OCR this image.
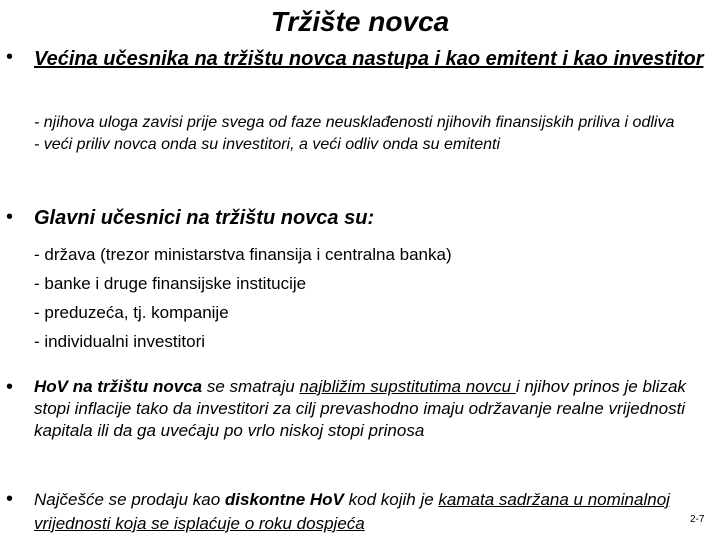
Tržište novca
• Većina učesnika na tržištu novca nastupa i kao emitent i kao investitor
- njihova uloga zavisi prije svega od faze neusklađenosti njihovih finansijskih priliva i odliva
- veći priliv novca onda su investitori, a veći odliv onda su emitenti
• Glavni učesnici na tržištu novca su:
- država (trezor ministarstva finansija i centralna banka)
- banke i druge finansijske institucije
- preduzeća, tj. kompanije
- individualni investitori
• HoV na tržištu novca se smatraju najbližim supstitutima novcu i njihov prinos je blizak stopi inflacije tako da investitori za cilj prevashodno imaju održavanje realne vrijednosti kapitala ili da ga uvećaju po vrlo niskoj stopi prinosa
• Najčešće se prodaju kao diskontne HoV kod kojih je kamata sadržana u nominalnoj vrijednosti koja se isplaćuje o roku dospjeća	2-7
